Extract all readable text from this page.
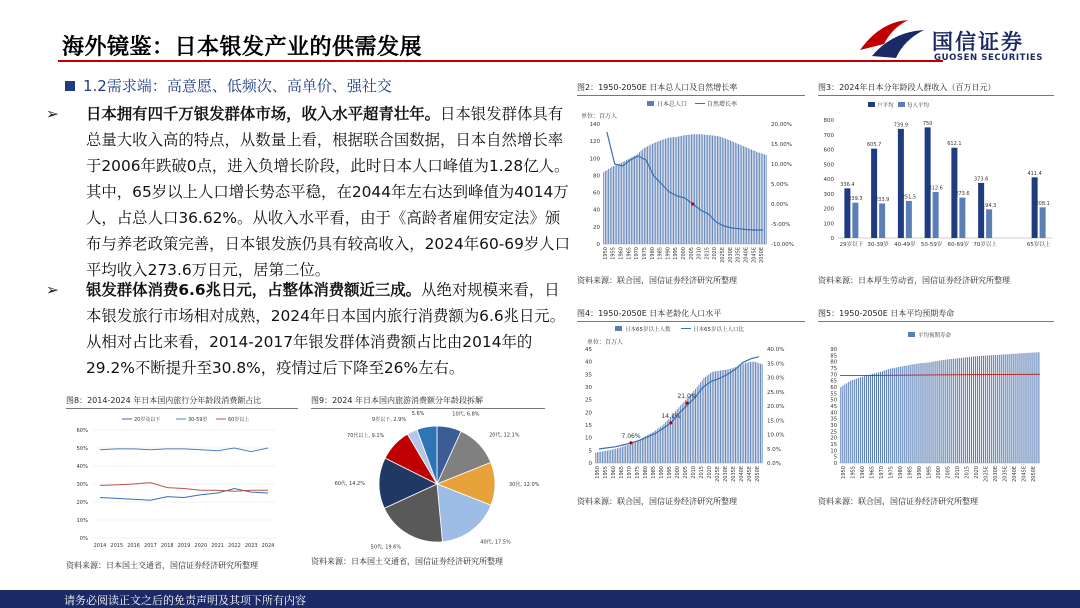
海外镜鉴：日本银发产业的供需发展	国信证券
GUOSEN SECURITIES
1.2需求端：高意愿、低频次、高单价、强社交
➢ 日本拥有四千万银发群体市场，收入水平超青壮年。日本银发群体具有总量大收入高的特点，从数量上看，根据联合国数据，日本自然增长率于2006年跌破0点，进入负增长阶段，此时日本人口峰值为1.28亿人。其中，65岁以上人口增长势态平稳，在2044年左右达到峰值为4014万人，占总人口36.62%。从收入水平看，由于《高龄者雇佣安定法》颁布与养老政策完善，日本银发族仍具有较高收入，2024年60-69岁人口平均收入273.6万日元，居第二位。
➢ 银发群体消费6.6兆日元，占整体消费额近三成。从绝对规模来看，日本银发旅行市场相对成熟，2024年日本国内旅行消费额为6.6兆日元。从相对占比来看，2014-2017年银发群体消费额占比由2014年的29.2%不断提升至30.8%，疫情过后下降至26%左右。
图2：1950-2050E 日本总人口及自然增长率
资料来源：联合国，国信证券经济研究所整理
图3：2024年日本分年龄段人群收入（百万日元）
资料来源：日本厚生劳动省，国信证券经济研究所整理
图4：1950-2050E 日本老龄化人口水平
资料来源：联合国，国信证券经济研究所整理
图5：1950-2050E 日本平均预期寿命
资料来源：联合国，国信证券经济研究所整理
图8：2014-2024 年日本国内旅行分年龄段消费额占比
资料来源：日本国土交通省，国信证券经济研究所整理
图9：2024 年日本国内旅游消费额分年龄段拆解
资料来源：日本国土交通省，国信证券经济研究所整理
日本总人口	自然增长率
单位：百万人
0
20
40
60
80
100
120
140
-10.00%
-5.00%
0.00%
5.00%
10.00%
15.00%
20.00%
1950 1955 1960 1965 1970 1975 1980 1985 1990 1995 2000 2005 2010 2015 2020 2025E 2030E 2035E 2040E 2045E 2050E
户平均 每人平均
0
100
200
300
400
500
600
700
800
336.4
239.3
29岁以下
605.7
233.9
30-39岁
739.9
251.5
40-49岁
750
312.6
50-59岁
612.1
273.6
60-69岁
373.6
194.3
70岁以上
411.4
208.1
65岁以上
日本65岁以上人数	日本65岁以上人口比
单位：百万人
0
5
10
15
20
25
30
35
40
45
0.0%
5.0%
10.0%
15.0%
20.0%
25.0%
30.0%
35.0%
40.0%
7.06%
14.1%
21.0%
1950 1955 1960 1965 1970 1975 1980 1985 1990 1995 2000 2005 2010 2015 2020 2025E 2030E 2035E 2040E 2045E 2050E
平均预期寿命
0
5
10
15
20
25
30
35
40
45
50
55
60
65
70
75
80
85
90
1950 1955 1960 1965 1970 1975 1980 1985 1990 1995 2000 2005 2010 2015 2020 2025E 2030E 2035E 2040E 2045E 2050E
20岁及以下	30-59岁	60岁以上
0%
10%
20%
30%
40%
50%
60%
2014 2015 2016 2017 2018 2019 2020 2021 2022 2023 2024
10代, 6.8%
20代, 12.1%
30代, 12.0%
40代, 17.5%
50代, 19.6%
60代, 14.2%
70代以上, 9.1%
9岁以下, 2.9%
5.6%
请务必阅读正文之后的免责声明及其项下所有内容
